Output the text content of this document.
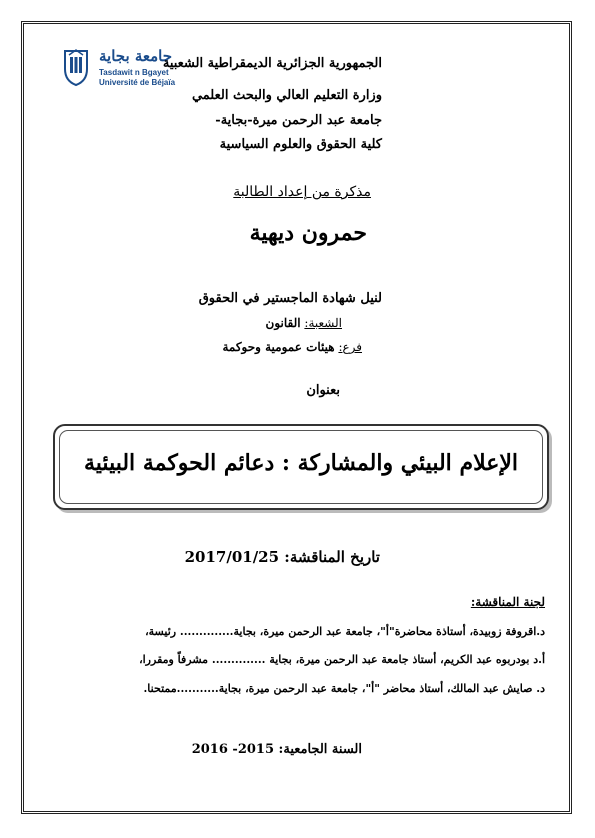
جامعة بجاية
Tasdawit n Bgayet
Université de Béjaïa
الجمهورية الجزائرية الديمقراطية الشعبية
وزارة التعليم العالي والبحث العلمي
جامعة عبد الرحمن ميرة-بجاية-
كلية الحقوق والعلوم السياسية
مذكرة من إعداد الطالبة
حمرون ديهية
لنيل شهادة الماجستير في الحقوق
الشعبة: القانون
فرع: هيئات عمومية وحوكمة
بعنوان
الإعلام البيئي والمشاركة : دعائم الحوكمة البيئية
تاريخ المناقشة: 2017/01/25
لجنة المناقشة:
د.اقروفة زوبيدة، أستاذة محاضرة"أ"، جامعة عبد الرحمن ميرة، بجاية.............. رئيسة،
أ.د بودربوه عبد الكريم، أستاذ جامعة عبد الرحمن ميرة، بجاية .............. مشرفاً ومقررا،
د. صايش عبد المالك، أستاذ محاضر "أ"، جامعة عبد الرحمن ميرة، بجاية...........ممتحنا.
السنة الجامعية: 2015- 2016
